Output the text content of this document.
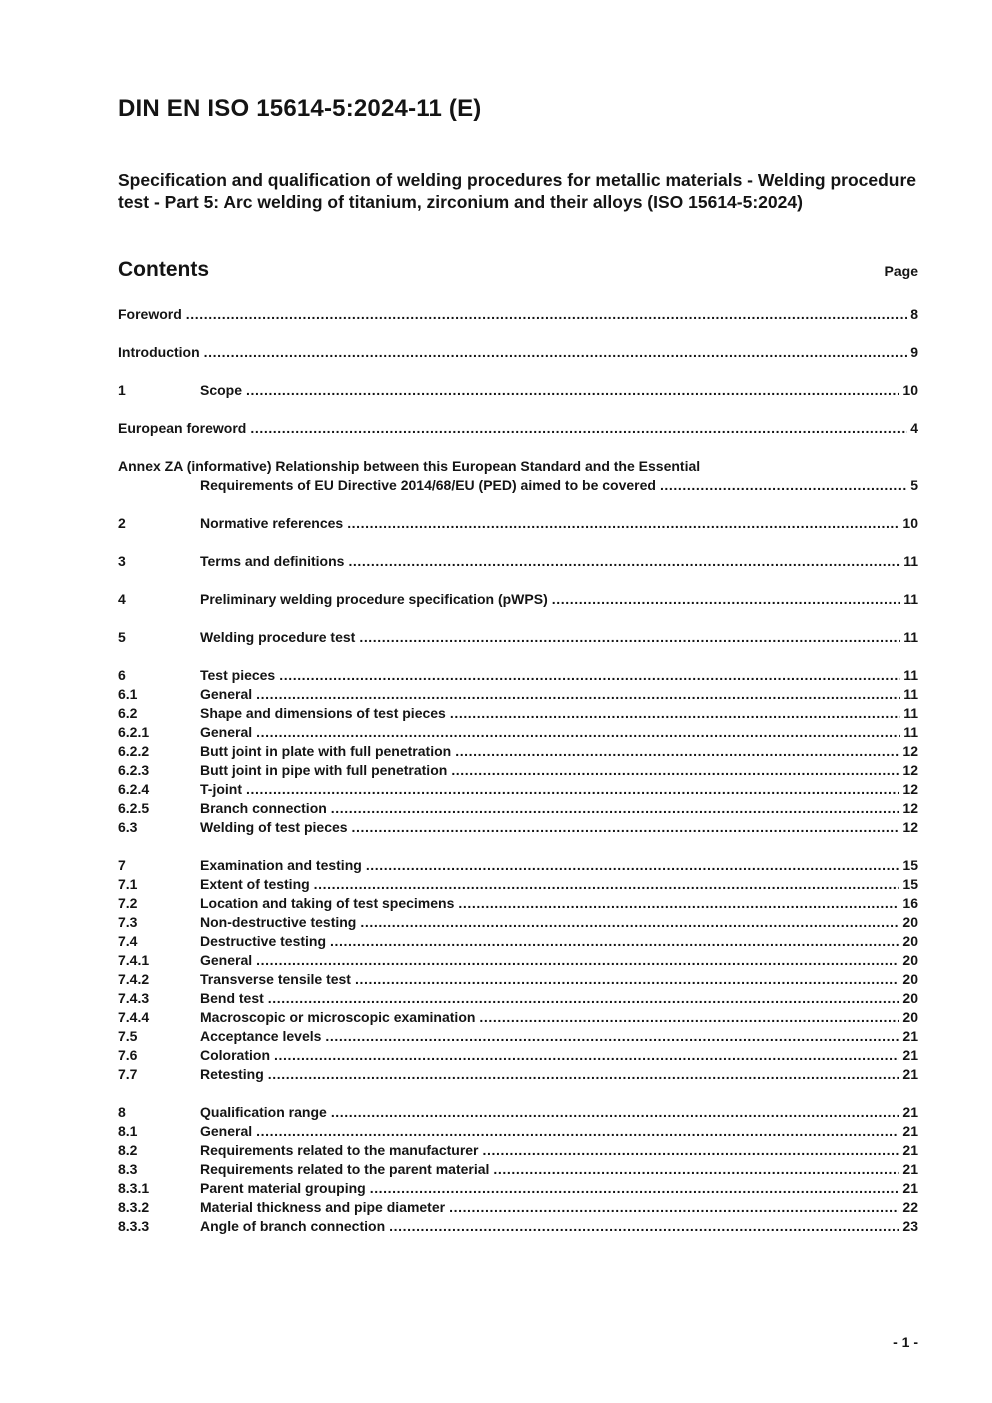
DIN EN ISO 15614-5:2024-11 (E)
Specification and qualification of welding procedures for metallic materials - Welding procedure test - Part 5: Arc welding of titanium, zirconium and their alloys (ISO 15614-5:2024)
Contents	Page
Foreword .....	8
Introduction .....	9
1	Scope .....	10
European foreword .....	4
Annex ZA (informative) Relationship between this European Standard and the Essential
Requirements of EU Directive 2014/68/EU (PED) aimed to be covered .....	5
2	Normative references .....	10
3	Terms and definitions .....	11
4	Preliminary welding procedure specification (pWPS) .....	11
5	Welding procedure test .....	11
6	Test pieces .....	11
6.1	General .....	11
6.2	Shape and dimensions of test pieces .....	11
6.2.1	General .....	11
6.2.2	Butt joint in plate with full penetration .....	12
6.2.3	Butt joint in pipe with full penetration .....	12
6.2.4	T-joint .....	12
6.2.5	Branch connection .....	12
6.3	Welding of test pieces .....	12
7	Examination and testing .....	15
7.1	Extent of testing .....	15
7.2	Location and taking of test specimens .....	16
7.3	Non-destructive testing .....	20
7.4	Destructive testing .....	20
7.4.1	General .....	20
7.4.2	Transverse tensile test .....	20
7.4.3	Bend test .....	20
7.4.4	Macroscopic or microscopic examination .....	20
7.5	Acceptance levels .....	21
7.6	Coloration .....	21
7.7	Retesting .....	21
8	Qualification range .....	21
8.1	General .....	21
8.2	Requirements related to the manufacturer .....	21
8.3	Requirements related to the parent material .....	21
8.3.1	Parent material grouping .....	21
8.3.2	Material thickness and pipe diameter .....	22
8.3.3	Angle of branch connection .....	23
- 1 -
